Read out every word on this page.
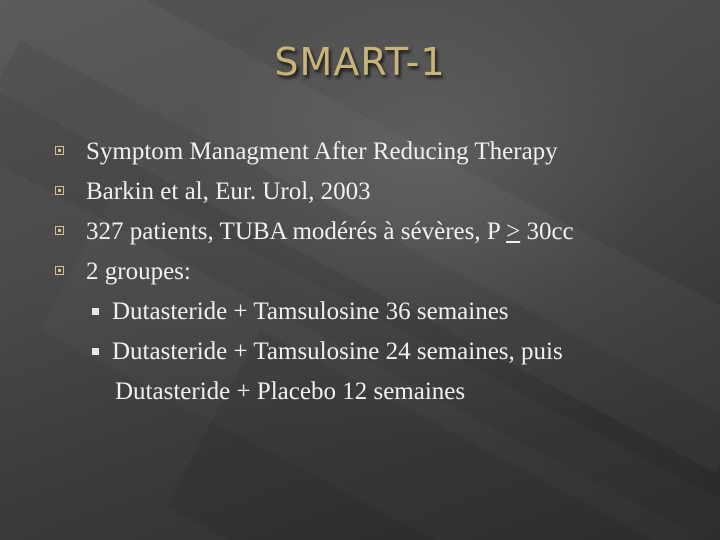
SMART-1
Symptom Managment After Reducing Therapy
Barkin et al, Eur. Urol, 2003
327 patients, TUBA modérés à sévères, P > 30cc
2 groupes:
Dutasteride + Tamsulosine 36 semaines
Dutasteride + Tamsulosine 24 semaines, puis
Dutasteride + Placebo 12 semaines
